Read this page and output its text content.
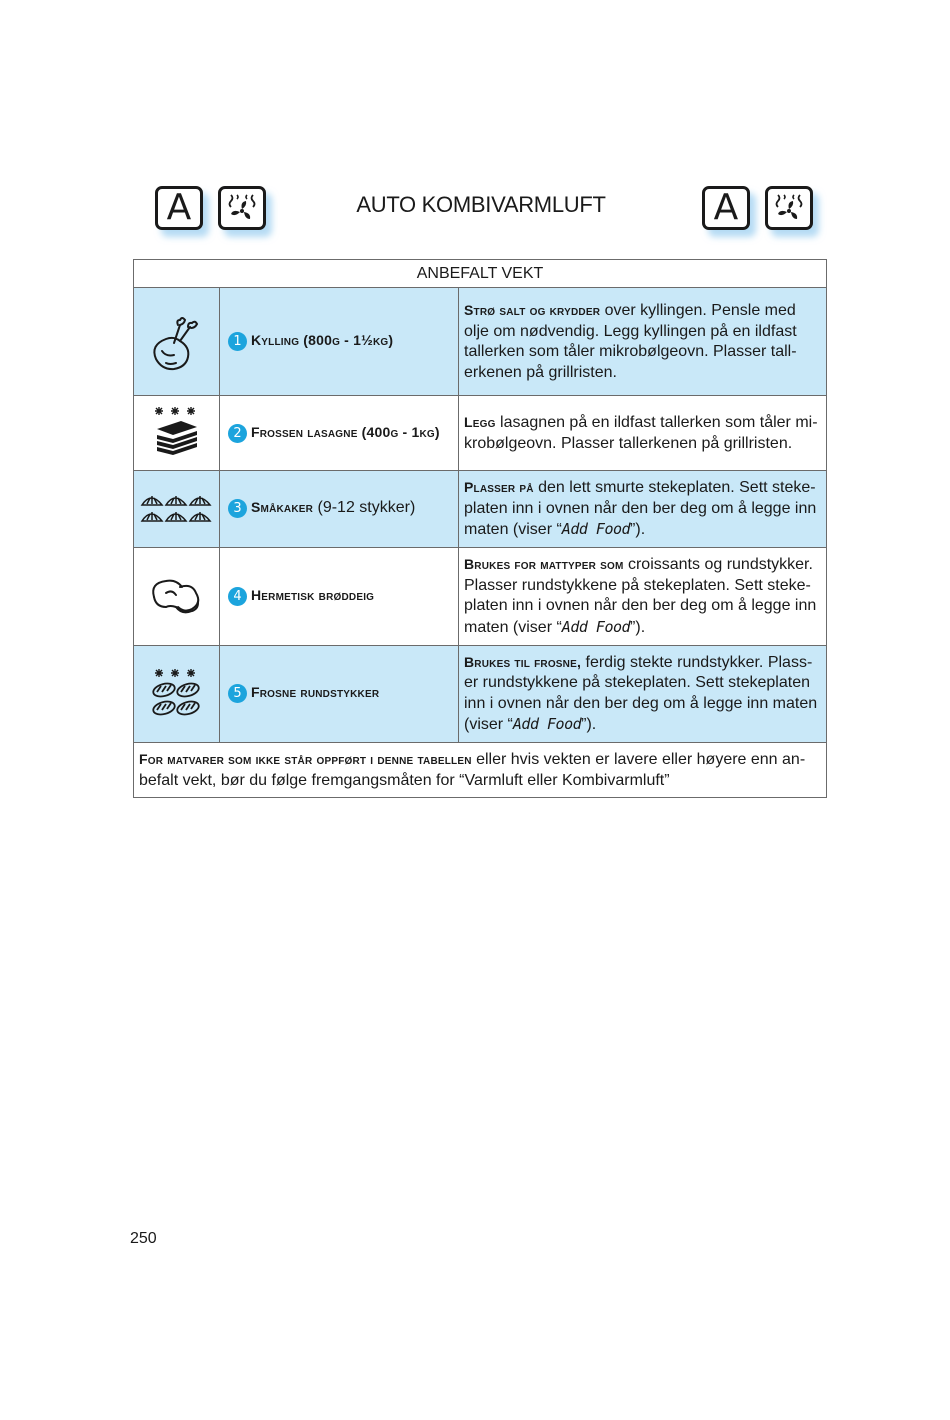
A	AUTO KOMBIVARMLUFT	A
ANBEFALT VEKT		

	1 Kylling (800g - 1½kg)	Strø salt og krydder over kyllingen. Pensle med
olje om nødvendig. Legg kyllingen på en ildfast
tallerken som tåler mikrobølgeovn. Plasser tall-
erkenen på grillristen.

	2 Frossen lasagne (400g - 1kg)	Legg lasagnen på en ildfast tallerken som tåler mi-
krobølgeovn. Plasser tallerkenen på grillristen.

	3 Småkaker (9-12 stykker)	Plasser på den lett smurte stekeplaten. Sett steke-
platen inn i ovnen når den ber deg om å legge inn
maten (viser “Add Food”).

	4 Hermetisk brøddeig	Brukes for mattyper som croissants og rundstykker.
Plasser rundstykkene på stekeplaten. Sett steke-
platen inn i ovnen når den ber deg om å legge inn
maten (viser “Add Food”).

	5 Frosne rundstykker	Brukes til frosne, ferdig stekte rundstykker. Plass-
er rundstykkene på stekeplaten. Sett stekeplaten
inn i ovnen når den ber deg om å legge inn maten
(viser “Add Food”).
For matvarer som ikke står oppført i denne tabellen eller hvis vekten er lavere eller høyere enn an-
befalt vekt, bør du følge fremgangsmåten for “Varmluft eller Kombivarmluft”		
250
